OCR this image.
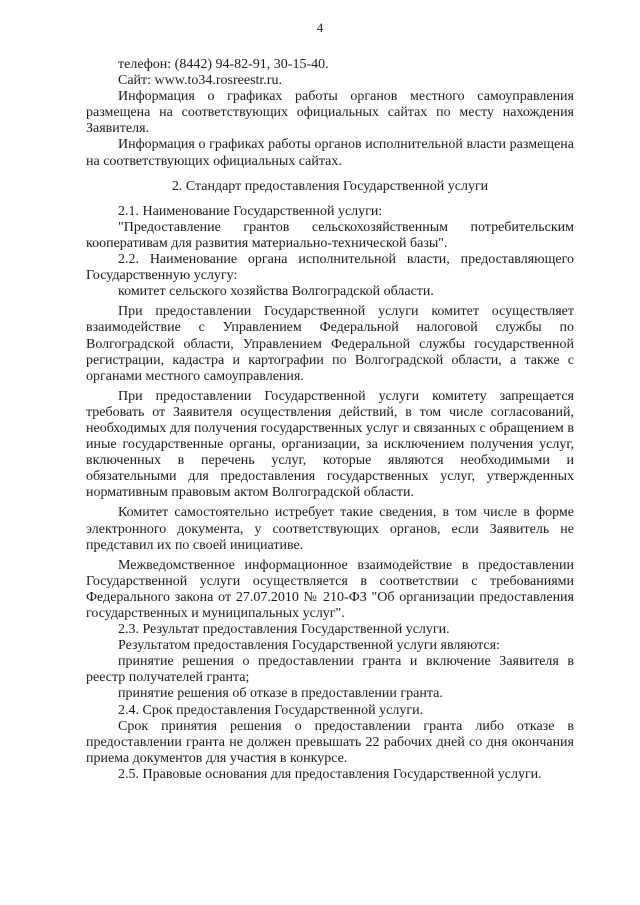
4

телефон: (8442) 94-82-91, 30-15-40.

Сайт: www.to34.rosreestr.ru.

Информация о графиках работы органов местного самоуправления размещена на соответствующих официальных сайтах по месту нахождения Заявителя.

Информация о графиках работы органов исполнительной власти размещена на соответствующих официальных сайтах.

2. Стандарт предоставления Государственной услуги

2.1. Наименование Государственной услуги:

"Предоставление грантов сельскохозяйственным потребительским кооперативам для развития материально-технической базы".

2.2. Наименование органа исполнительной власти, предоставляющего Государственную услугу:

комитет сельского хозяйства Волгоградской области.

При предоставлении Государственной услуги комитет осуществляет взаимодействие с Управлением Федеральной налоговой службы по Волгоградской области, Управлением Федеральной службы государственной регистрации, кадастра и картографии по Волгоградской области, а также с органами местного самоуправления.

При предоставлении Государственной услуги комитету запрещается требовать от Заявителя осуществления действий, в том числе согласований, необходимых для получения государственных услуг и связанных с обращением в иные государственные органы, организации, за исключением получения услуг, включенных в перечень услуг, которые являются необходимыми и обязательными для предоставления государственных услуг, утвержденных нормативным правовым актом Волгоградской области.

Комитет самостоятельно истребует такие сведения, в том числе в форме электронного документа, у соответствующих органов, если Заявитель не представил их по своей инициативе.

Межведомственное информационное взаимодействие в предоставлении Государственной услуги осуществляется в соответствии с требованиями Федерального закона от 27.07.2010 № 210-ФЗ "Об организации предоставления государственных и муниципальных услуг".

2.3. Результат предоставления Государственной услуги.

Результатом предоставления Государственной услуги являются:

принятие решения о предоставлении гранта и включение Заявителя в реестр получателей гранта;

принятие решения об отказе в предоставлении гранта.

2.4. Срок предоставления Государственной услуги.

Срок принятия решения о предоставлении гранта либо отказе в предоставлении гранта не должен превышать 22 рабочих дней со дня окончания приема документов для участия в конкурсе.

2.5. Правовые основания для предоставления Государственной услуги.
